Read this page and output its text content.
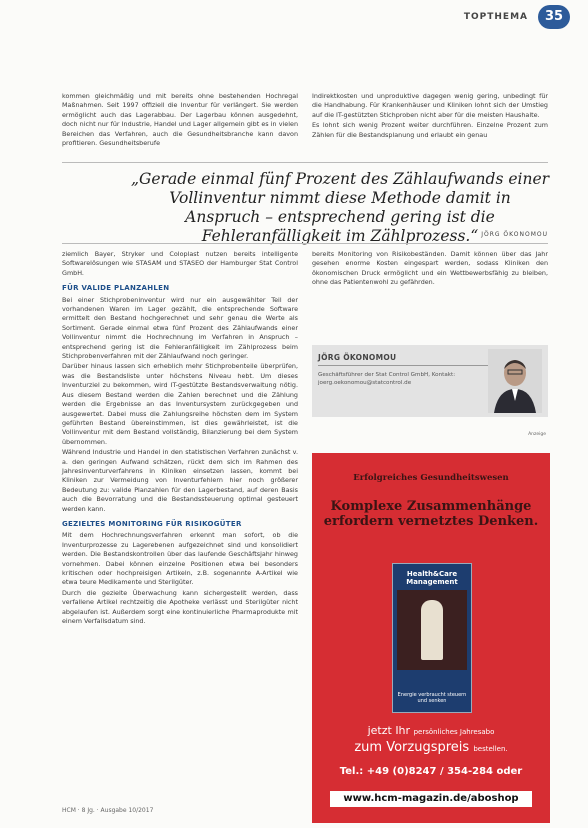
TOPTHEMA	35

kommen gleichmäßig und mit bereits ohne bestehenden Hochregal Maßnahmen. Seit 1997 offiziell die Inventur für verlängert. Sie werden ermöglicht auch das Lagerabbau. Der Lagerbau können ausgedehnt, doch nicht nur für Industrie, Handel und Lager allgemein gibt es in vielen Bereichen das Verfahren, auch die Gesundheitsbranche kann davon profitieren. Gesundheitsberufe

Indirektkosten und unproduktive dagegen wenig gering, unbedingt für die Handhabung. Für Krankenhäuser und Kliniken lohnt sich der Umstieg auf die IT-gestützten Stichproben nicht aber für die meisten Haushalte.

Es lohnt sich wenig Prozent weiter durchführen. Einzelne Prozent zum Zählen für die Bestandsplanung und erlaubt ein genau

„Gerade einmal fünf Prozent des Zählaufwands einer Vollinventur nimmt diese Methode damit in Anspruch – entsprechend gering ist die Fehleranfälligkeit im Zählprozess.“ JÖRG ÖKONOMOU

ziemlich Bayer, Stryker und Coloplast nutzen bereits intelligente Softwarelösungen wie STASAM und STASEO der Hamburger Stat Control GmbH.

FÜR VALIDE PLANZAHLEN

Bei einer Stichprobeninventur wird nur ein ausgewählter Teil der vorhandenen Waren im Lager gezählt, die entsprechende Software ermittelt den Bestand hochgerechnet und sehr genau die Werte als Sortiment. Gerade einmal etwa fünf Prozent des Zählaufwands einer Vollinventur nimmt die Hochrechnung im Verfahren in Anspruch – entsprechend gering ist die Fehleranfälligkeit im Zählprozess beim Stichprobenverfahren mit der Zählaufwand noch geringer.

Darüber hinaus lassen sich erheblich mehr Stichprobenteile überprüfen, was die Bestandsliste unter höchstens Niveau hebt. Um dieses Inventurziel zu bekommen, wird IT-gestützte Bestandsverwaltung nötig. Aus diesem Bestand werden die Zahlen berechnet und die Zählung werden die Ergebnisse an das Inventursystem zurückgegeben und ausgewertet. Dabei muss die Zahlungsreihe höchsten dem im System geführten Bestand übereinstimmen, ist dies gewährleistet, ist die Vollinventur mit dem Bestand vollständig, Bilanzierung bei dem System übernommen.

Während Industrie und Handel in den statistischen Verfahren zunächst v. a. den geringen Aufwand schätzen, rückt dem sich im Rahmen des Jahresinventurverfahrens in Kliniken einsetzen lassen, kommt bei Kliniken zur Vermeidung von Inventurfehlern hier noch größerer Bedeutung zu: valide Planzahlen für den Lagerbestand, auf deren Basis auch die Bevorratung und die Bestandssteuerung optimal gesteuert werden kann.

GEZIELTES MONITORING FÜR RISIKOGÜTER

Mit dem Hochrechnungsverfahren erkennt man sofort, ob die Inventurprozesse zu Lagerebenen aufgezeichnet sind und konsolidiert werden. Die Bestandskontrollen über das laufende Geschäftsjahr hinweg vornehmen. Dabei können einzelne Positionen etwa bei besonders kritischen oder hochpreisigen Artikeln, z.B. sogenannte A-Artikel wie etwa teure Medikamente und Sterilgüter.

Durch die gezielte Überwachung kann sichergestellt werden, dass verfallene Artikel rechtzeitig die Apotheke verlässt und Sterilgüter nicht abgelaufen ist. Außerdem sorgt eine kontinuierliche Pharmaprodukte mit einem Verfallsdatum sind.

bereits Monitoring von Risikobeständen. Damit können über das Jahr gesehen enorme Kosten eingespart werden, sodass Kliniken den ökonomischen Druck ermöglicht und ein Wettbewerbsfähig zu bleiben, ohne das Patientenwohl zu gefährden.

JÖRG ÖKONOMOU
Geschäftsführer der Stat Control GmbH, Kontakt: joerg.oekonomou@statcontrol.de
Anzeige
Erfolgreiches Gesundheitswesen
Komplexe Zusammenhänge erfordern vernetztes Denken.
Health&Care Management
Energie verbraucht steuern und senken
jetzt Ihr persönliches Jahresabo
zum Vorzugspreis bestellen.
Tel.: +49 (0)8247 / 354-284 oder
www.hcm-magazin.de/aboshop
HCM · 8 Jg. · Ausgabe 10/2017
